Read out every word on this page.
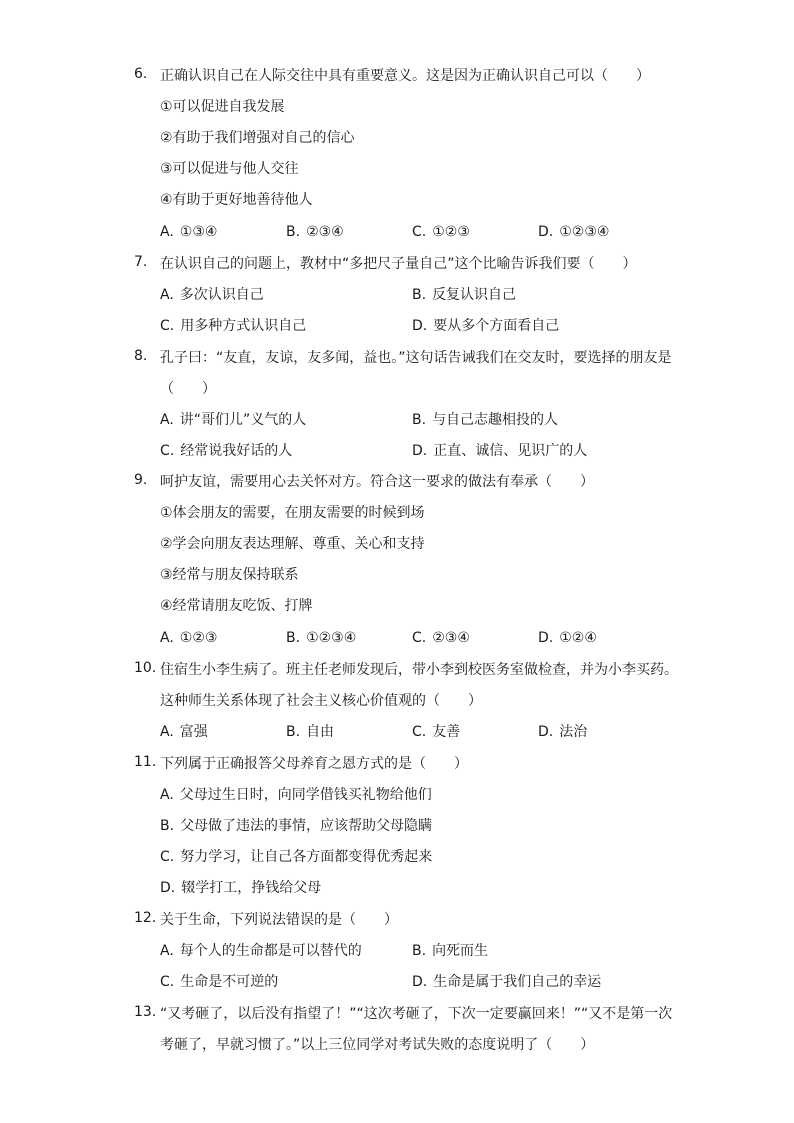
6. 正确认识自己在人际交往中具有重要意义。这是因为正确认识自己可以（　　）

①可以促进自我发展
②有助于我们增强对自己的信心
③可以促进与他人交往
④有助于更好地善待他人
A. ①③④	B. ②③④	C. ①②③	D. ①②③④
7. 在认识自己的问题上，教材中“多把尺子量自己”这个比喻告诉我们要（　　）

A. 多次认识自己	B. 反复认识自己
C. 用多种方式认识自己	D. 要从多个方面看自己
8. 孔子曰：“友直，友谅，友多闻，益也。”这句话告诫我们在交友时，要选择的朋友是（　　）

A. 讲“哥们儿”义气的人	B. 与自己志趣相投的人
C. 经常说我好话的人	D. 正直、诚信、见识广的人
9. 呵护友谊，需要用心去关怀对方。符合这一要求的做法有奉承（　　）

①体会朋友的需要，在朋友需要的时候到场
②学会向朋友表达理解、尊重、关心和支持
③经常与朋友保持联系
④经常请朋友吃饭、打牌
A. ①②③	B. ①②③④	C. ②③④	D. ①②④
10. 住宿生小李生病了。班主任老师发现后，带小李到校医务室做检查，并为小李买药。这种师生关系体现了社会主义核心价值观的（　　）

A. 富强	B. 自由	C. 友善	D. 法治
11. 下列属于正确报答父母养育之恩方式的是（　　）

A. 父母过生日时，向同学借钱买礼物给他们
B. 父母做了违法的事情，应该帮助父母隐瞒
C. 努力学习，让自己各方面都变得优秀起来
D. 辍学打工，挣钱给父母
12. 关于生命，下列说法错误的是（　　）

A. 每个人的生命都是可以替代的	B. 向死而生
C. 生命是不可逆的	D. 生命是属于我们自己的幸运
13. “又考砸了，以后没有指望了！”“这次考砸了，下次一定要赢回来！”“又不是第一次考砸了，早就习惯了。”以上三位同学对考试失败的态度说明了（　　）
